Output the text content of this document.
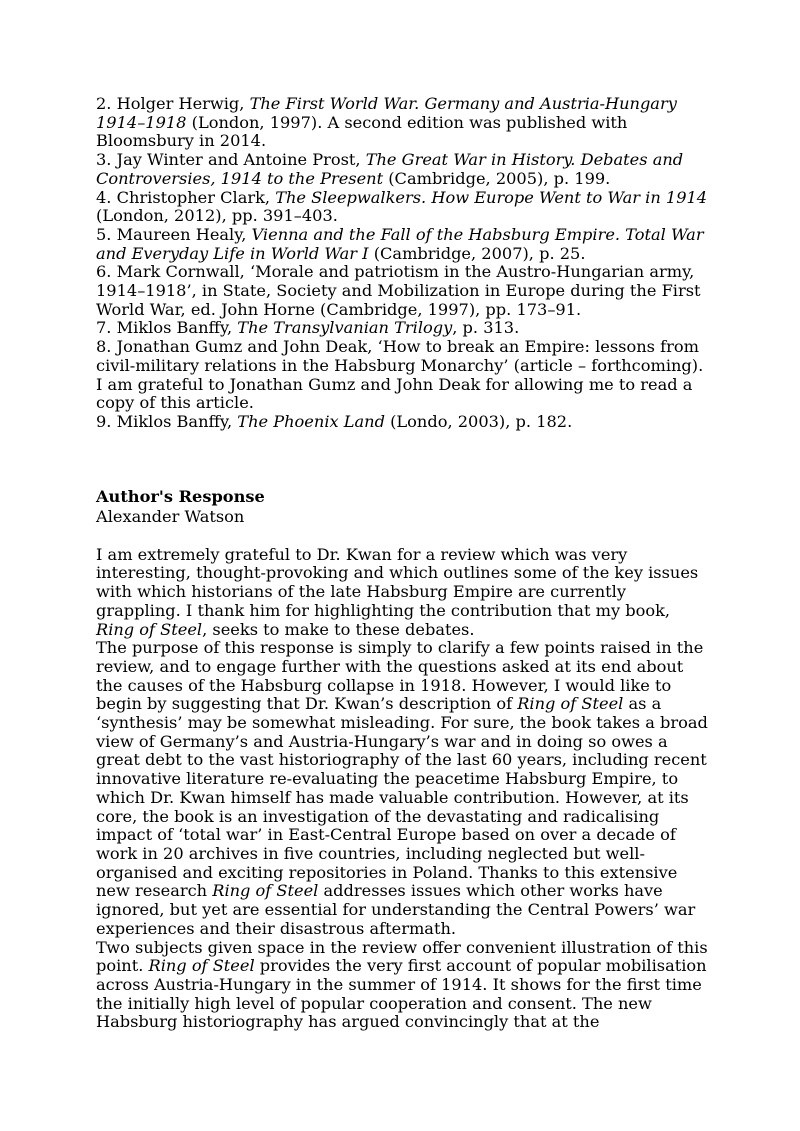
2. Holger Herwig, The First World War. Germany and Austria-Hungary 1914–1918 (London, 1997). A second edition was published with Bloomsbury in 2014.

3. Jay Winter and Antoine Prost, The Great War in History. Debates and Controversies, 1914 to the Present (Cambridge, 2005), p. 199.

4. Christopher Clark, The Sleepwalkers. How Europe Went to War in 1914 (London, 2012), pp. 391–403.

5. Maureen Healy, Vienna and the Fall of the Habsburg Empire. Total War and Everyday Life in World War I (Cambridge, 2007), p. 25.

6. Mark Cornwall, ‘Morale and patriotism in the Austro-Hungarian army, 1914–1918’, in State, Society and Mobilization in Europe during the First World War, ed. John Horne (Cambridge, 1997), pp. 173–91.

7. Miklos Banffy, The Transylvanian Trilogy, p. 313.

8. Jonathan Gumz and John Deak, ‘How to break an Empire: lessons from civil-military relations in the Habsburg Monarchy’ (article – forthcoming). I am grateful to Jonathan Gumz and John Deak for allowing me to read a copy of this article.

9. Miklos Banffy, The Phoenix Land (Londo, 2003), p. 182.

Author's Response

Alexander Watson

I am extremely grateful to Dr. Kwan for a review which was very interesting, thought-provoking and which outlines some of the key issues with which historians of the late Habsburg Empire are currently grappling. I thank him for highlighting the contribution that my book, Ring of Steel, seeks to make to these debates.

The purpose of this response is simply to clarify a few points raised in the review, and to engage further with the questions asked at its end about the causes of the Habsburg collapse in 1918. However, I would like to begin by suggesting that Dr. Kwan’s description of Ring of Steel as a ‘synthesis’ may be somewhat misleading. For sure, the book takes a broad view of Germany’s and Austria-Hungary’s war and in doing so owes a great debt to the vast historiography of the last 60 years, including recent innovative literature re-evaluating the peacetime Habsburg Empire, to which Dr. Kwan himself has made valuable contribution. However, at its core, the book is an investigation of the devastating and radicalising impact of ‘total war’ in East-Central Europe based on over a decade of work in 20 archives in five countries, including neglected but well-organised and exciting repositories in Poland. Thanks to this extensive new research Ring of Steel addresses issues which other works have ignored, but yet are essential for understanding the Central Powers’ war experiences and their disastrous aftermath.

Two subjects given space in the review offer convenient illustration of this point. Ring of Steel provides the very first account of popular mobilisation across Austria-Hungary in the summer of 1914. It shows for the first time the initially high level of popular cooperation and consent. The new Habsburg historiography has argued convincingly that at the
